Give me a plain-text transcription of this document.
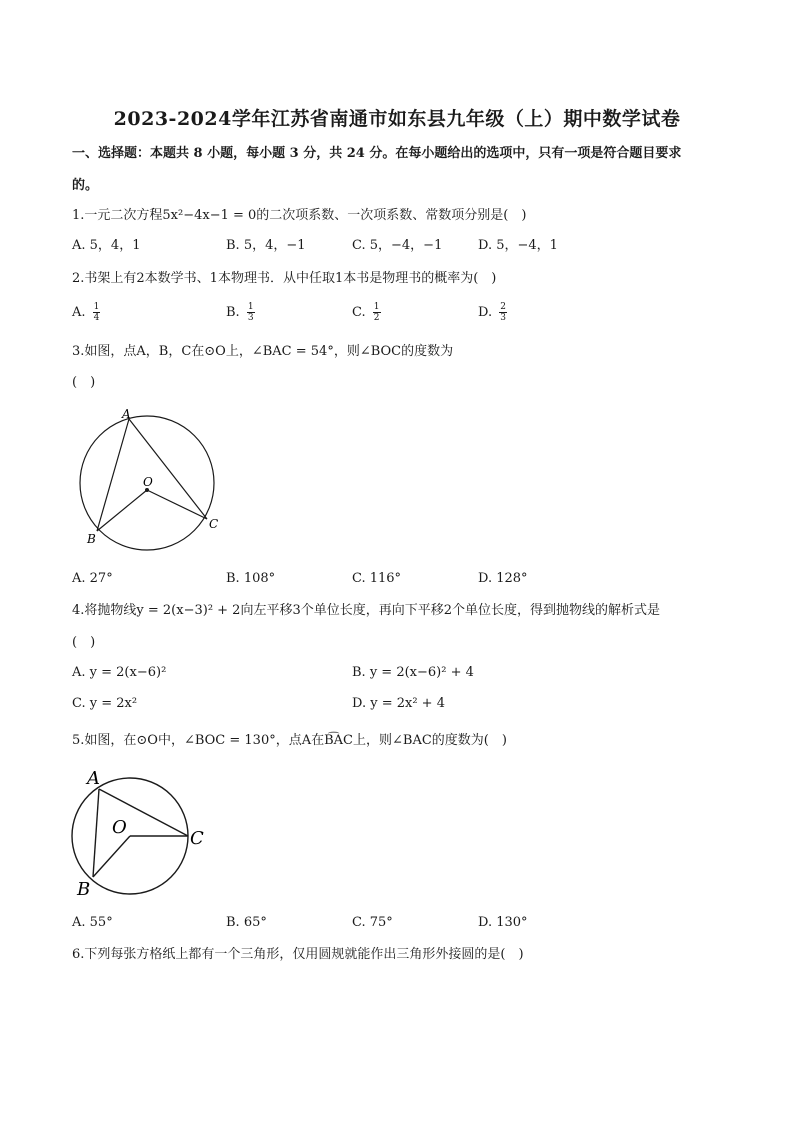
2023-2024学年江苏省南通市如东县九年级（上）期中数学试卷
一、选择题：本题共 8 小题，每小题 3 分，共 24 分。在每小题给出的选项中，只有一项是符合题目要求
的。
1.一元二次方程5x²−4x−1 = 0的二次项系数、一次项系数、常数项分别是(　)
A. 5，4，1	B. 5，4，−1	C. 5，−4，−1	D. 5，−4，1
2.书架上有2本数学书、1本物理书．从中任取1本书是物理书的概率为(　)
A. $\frac{1}{4}$	B. $\frac{1}{3}$	C. $\frac{1}{2}$	D. $\frac{2}{3}$
3.如图，点A，B，C在⊙O上，∠BAC = 54°，则∠BOC的度数为
(　)
A
O
B
C
A. 27°	B. 108°	C. 116°	D. 128°
4.将抛物线y = 2(x−3)² + 2向左平移3个单位长度，再向下平移2个单位长度，得到抛物线的解析式是
(　)
A. y = 2(x−6)²	B. y = 2(x−6)² + 4
C. y = 2x²	D. y = 2x² + 4
5.如图，在⊙O中，∠BOC = 130°，点A在B͡AC上，则∠BAC的度数为(　)
A
O
C
B
A. 55°	B. 65°	C. 75°	D. 130°
6.下列每张方格纸上都有一个三角形，仅用圆规就能作出三角形外接圆的是(　)
